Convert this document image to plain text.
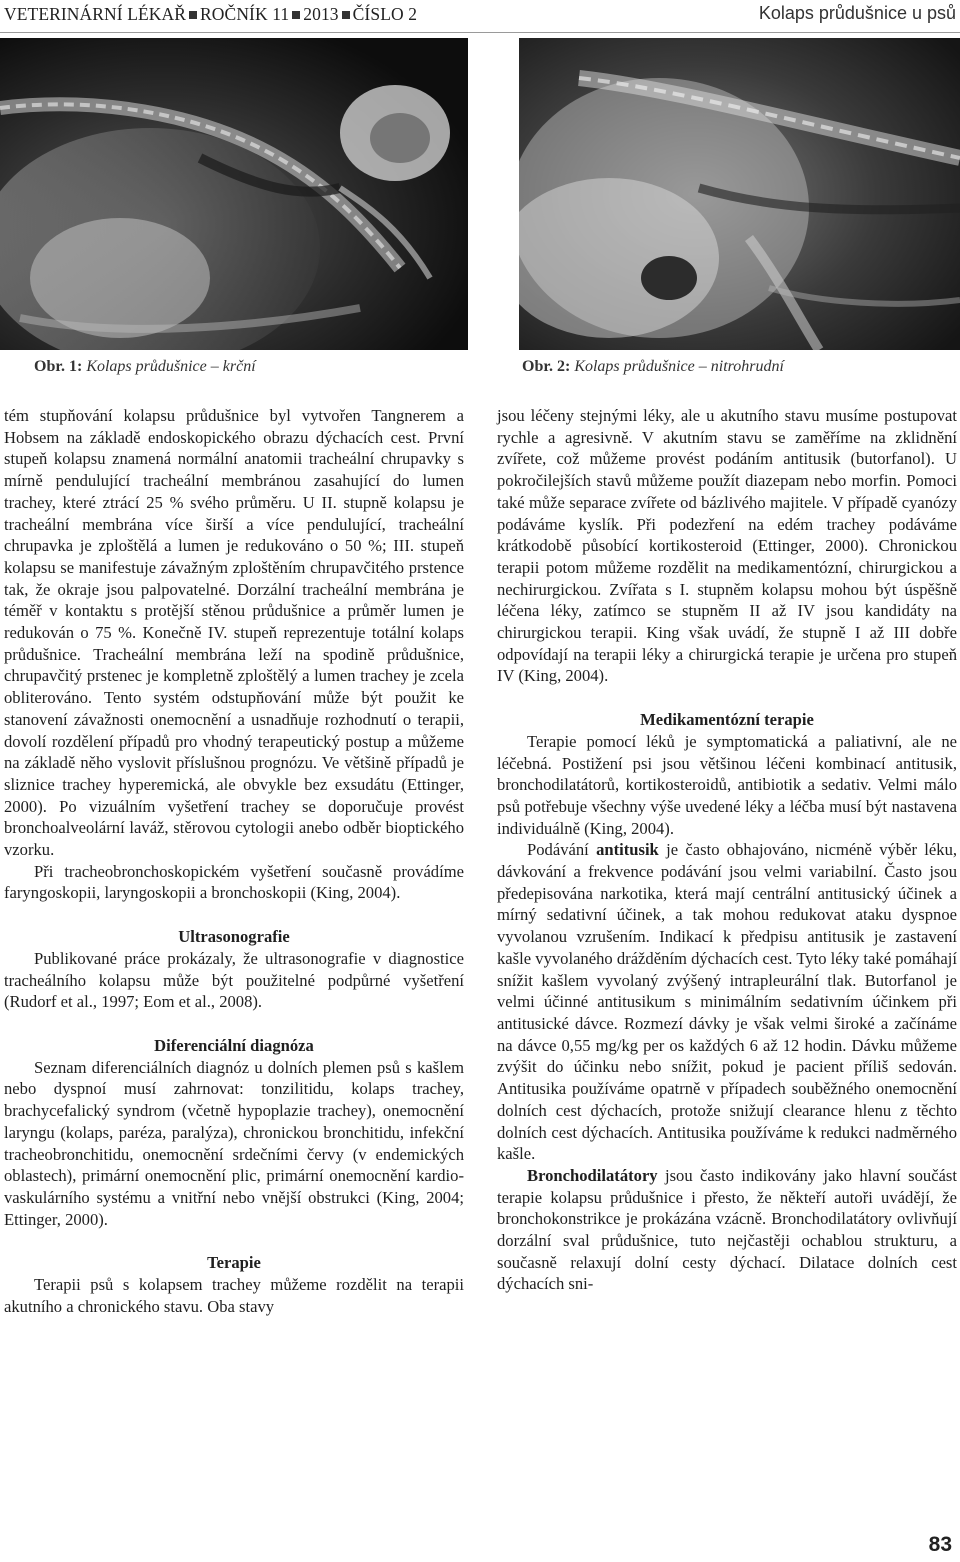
VETERINÁRNÍ LÉKAŘ ROČNÍK 11 2013 ČÍSLO 2	Kolaps průdušnice u psů
Obr. 1: Kolaps průdušnice – krční	Obr. 2: Kolaps průdušnice – nitrohrudní

tém stupňování kolapsu průdušnice byl vytvořen Tangnerem a Hobsem na základě endoskopického obrazu dýchacích cest. První stupeň kolapsu znamená normální anatomii tracheální chrupavky s mírně pendulující tracheální membránou zasahující do lumen trachey, které ztrácí 25 % svého průměru. U II. stupně kolapsu je tracheální membrána více širší a více pendulující, tracheální chrupavka je zploštělá a lumen je redukováno o 50 %; III. stupeň kolapsu se manifestuje závažným zploštěním chrupavčitého prstence tak, že okraje jsou palpovatelné. Dorzální tracheální membrána je téměř v kontaktu s protější stěnou průdušnice a průměr lumen je redukován o 75 %. Konečně IV. stupeň reprezentuje totální kolaps průdušnice. Tracheální membrána leží na spodině průdušnice, chrupavčitý prstenec je kompletně zploštělý a lumen trachey je zcela obliterováno. Tento systém odstupňování může být použit ke stanovení závažnosti onemocnění a usnadňuje rozhodnutí o terapii, dovolí rozdělení případů pro vhodný terapeutický postup a můžeme na základě něho vyslovit příslušnou prognózu. Ve většině případů je sliznice trachey hyperemická, ale obvykle bez exsudátu (Ettinger, 2000). Po vizuálním vyšetření trachey se doporučuje provést bronchoalveolární laváž, stěrovou cytologii anebo odběr bioptického vzorku.

Při tracheobronchoskopickém vyšetření současně provádíme faryngoskopii, laryngoskopii a bronchoskopii (King, 2004).

Ultrasonografie

Publikované práce prokázaly, že ultrasonografie v diagnostice tracheálního kolapsu může být použitelné podpůrné vyšetření (Rudorf et al., 1997; Eom et al., 2008).

Diferenciální diagnóza

Seznam diferenciálních diagnóz u dolních plemen psů s kašlem nebo dyspnoí musí zahrnovat: tonzilitidu, kolaps trachey, brachycefalický syndrom (včetně hypoplazie trachey), onemocnění laryngu (kolaps, paréza, paralýza), chronickou bronchitidu, infekční tracheobronchitidu, onemocnění srdečními červy (v endemických oblastech), primární onemocnění plic, primární onemocnění kardio-vaskulárního systému a vnitřní nebo vnější obstrukci (King, 2004; Ettinger, 2000).

Terapie

Terapii psů s kolapsem trachey můžeme rozdělit na terapii akutního a chronického stavu. Oba stavy

jsou léčeny stejnými léky, ale u akutního stavu musíme postupovat rychle a agresivně. V akutním stavu se zaměříme na zklidnění zvířete, což můžeme provést podáním antitusik (butorfanol). U pokročilejších stavů můžeme použít diazepam nebo morfin. Pomoci také může separace zvířete od bázlivého majitele. V případě cyanózy podáváme kyslík. Při podezření na edém trachey podáváme krátkodobě působící kortikosteroid (Ettinger, 2000). Chronickou terapii potom můžeme rozdělit na medikamentózní, chirurgickou a nechirurgickou. Zvířata s I. stupněm kolapsu mohou být úspěšně léčena léky, zatímco se stupněm II až IV jsou kandidáty na chirurgickou terapii. King však uvádí, že stupně I až III dobře odpovídají na terapii léky a chirurgická terapie je určena pro stupeň IV (King, 2004).

Medikamentózní terapie

Terapie pomocí léků je symptomatická a paliativní, ale ne léčebná. Postižení psi jsou většinou léčeni kombinací antitusik, bronchodilatátorů, kortikosteroidů, antibiotik a sedativ. Velmi málo psů potřebuje všechny výše uvedené léky a léčba musí být nastavena individuálně (King, 2004).

Podávání antitusik je často obhajováno, nicméně výběr léku, dávkování a frekvence podávání jsou velmi variabilní. Často jsou předepisována narkotika, která mají centrální antitusický účinek a mírný sedativní účinek, a tak mohou redukovat ataku dyspnoe vyvolanou vzrušením. Indikací k předpisu antitusik je zastavení kašle vyvolaného drážděním dýchacích cest. Tyto léky také pomáhají snížit kašlem vyvolaný zvýšený intrapleurální tlak. Butorfanol je velmi účinné antitusikum s minimálním sedativním účinkem při antitusické dávce. Rozmezí dávky je však velmi široké a začínáme na dávce 0,55 mg/kg per os každých 6 až 12 hodin. Dávku můžeme zvýšit do účinku nebo snížit, pokud je pacient příliš sedován. Antitusika používáme opatrně v případech souběžného onemocnění dolních cest dýchacích, protože snižují clearance hlenu z těchto dolních cest dýchacích. Antitusika používáme k redukci nadměrného kašle.

Bronchodilatátory jsou často indikovány jako hlavní součást terapie kolapsu průdušnice i přesto, že někteří autoři uvádějí, že bronchokonstrikce je prokázána vzácně. Bronchodilatátory ovlivňují dorzální sval průdušnice, tuto nejčastěji ochablou strukturu, a současně relaxují dolní cesty dýchací. Dilatace dolních cest dýchacích sni-

83
